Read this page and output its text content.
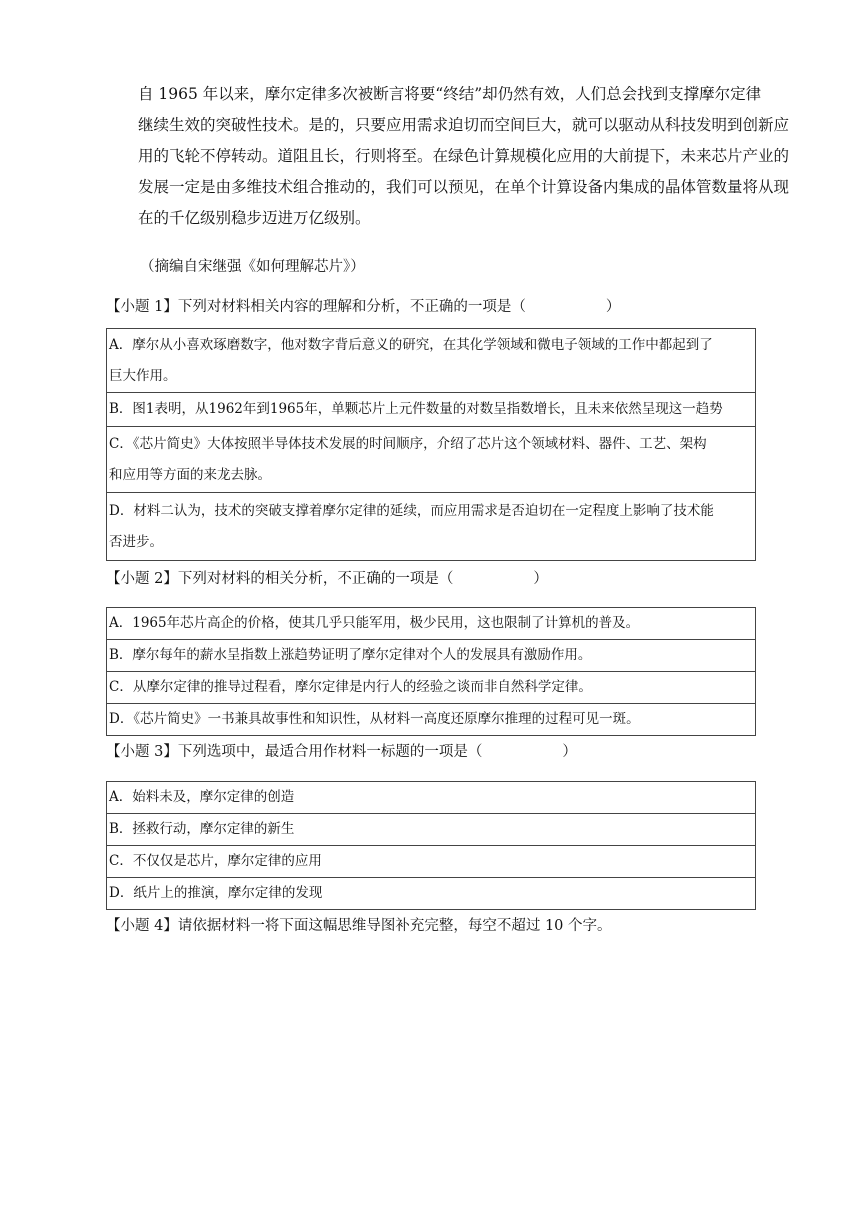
自 1965 年以来，摩尔定律多次被断言将要“终结”却仍然有效，人们总会找到支撑摩尔定律
继续生效的突破性技术。是的，只要应用需求迫切而空间巨大，就可以驱动从科技发明到创新应
用的飞轮不停转动。道阻且长，行则将至。在绿色计算规模化应用的大前提下，未来芯片产业的
发展一定是由多维技术组合推动的，我们可以预见，在单个计算设备内集成的晶体管数量将从现
在的千亿级别稳步迈进万亿级别。

（摘编自宋继强《如何理解芯片》）
【小题 1】下列对材料相关内容的理解和分析，不正确的一项是（	）
A．摩尔从小喜欢琢磨数字，他对数字背后意义的研究，在其化学领域和微电子领域的工作中都起到了
巨大作用。

B．图1表明，从1962年到1965年，单颗芯片上元件数量的对数呈指数增长，且未来依然呈现这一趋势

C．《芯片简史》大体按照半导体技术发展的时间顺序，介绍了芯片这个领域材料、器件、工艺、架构
和应用等方面的来龙去脉。

D．材料二认为，技术的突破支撑着摩尔定律的延续，而应用需求是否迫切在一定程度上影响了技术能
否进步。
【小题 2】下列对材料的相关分析，不正确的一项是（	）
A．1965年芯片高企的价格，使其几乎只能军用，极少民用，这也限制了计算机的普及。
B．摩尔每年的薪水呈指数上涨趋势证明了摩尔定律对个人的发展具有激励作用。
C．从摩尔定律的推导过程看，摩尔定律是内行人的经验之谈而非自然科学定律。
D．《芯片简史》一书兼具故事性和知识性，从材料一高度还原摩尔推理的过程可见一斑。
【小题 3】下列选项中，最适合用作材料一标题的一项是（	）
A．始料未及，摩尔定律的创造
B．拯救行动，摩尔定律的新生
C．不仅仅是芯片，摩尔定律的应用
D．纸片上的推演，摩尔定律的发现
【小题 4】请依据材料一将下面这幅思维导图补充完整，每空不超过 10 个字。
